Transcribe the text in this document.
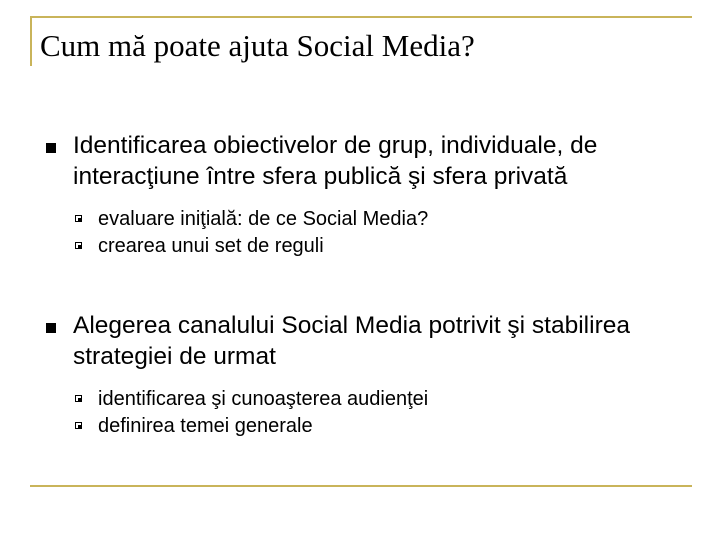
Cum mă poate ajuta Social Media?
Identificarea obiectivelor de grup, individuale, de interacţiune între sfera publică şi sfera privată
evaluare iniţială: de ce Social Media?
crearea unui set de reguli
Alegerea canalului Social Media potrivit şi stabilirea strategiei de urmat
identificarea şi cunoaşterea audienţei
definirea temei generale
